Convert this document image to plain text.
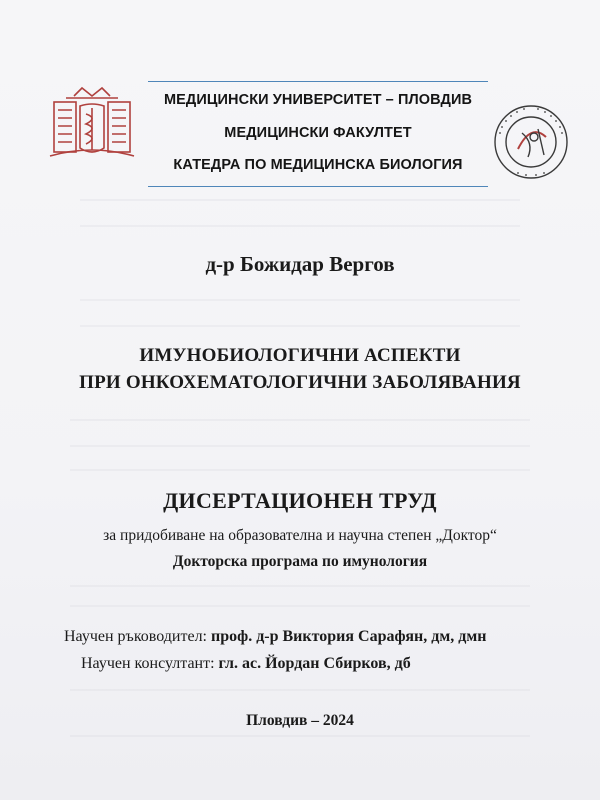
МЕДИЦИНСКИ УНИВЕРСИТЕТ – ПЛОВДИВ
МЕДИЦИНСКИ ФАКУЛТЕТ
КАТЕДРА ПО МЕДИЦИНСКА БИОЛОГИЯ
д-р Божидар Вергов
ИМУНОБИОЛОГИЧНИ АСПЕКТИ
ПРИ ОНКОХЕМАТОЛОГИЧНИ ЗАБОЛЯВАНИЯ
ДИСЕРТАЦИОНЕН ТРУД
за придобиване на образователна и научна степен „Доктор“
Докторска програма по имунология
Научен ръководител: проф. д-р Виктория Сарафян, дм, дмн
Научен консултант: гл. ас. Йордан Сбирков, дб
Пловдив – 2024
